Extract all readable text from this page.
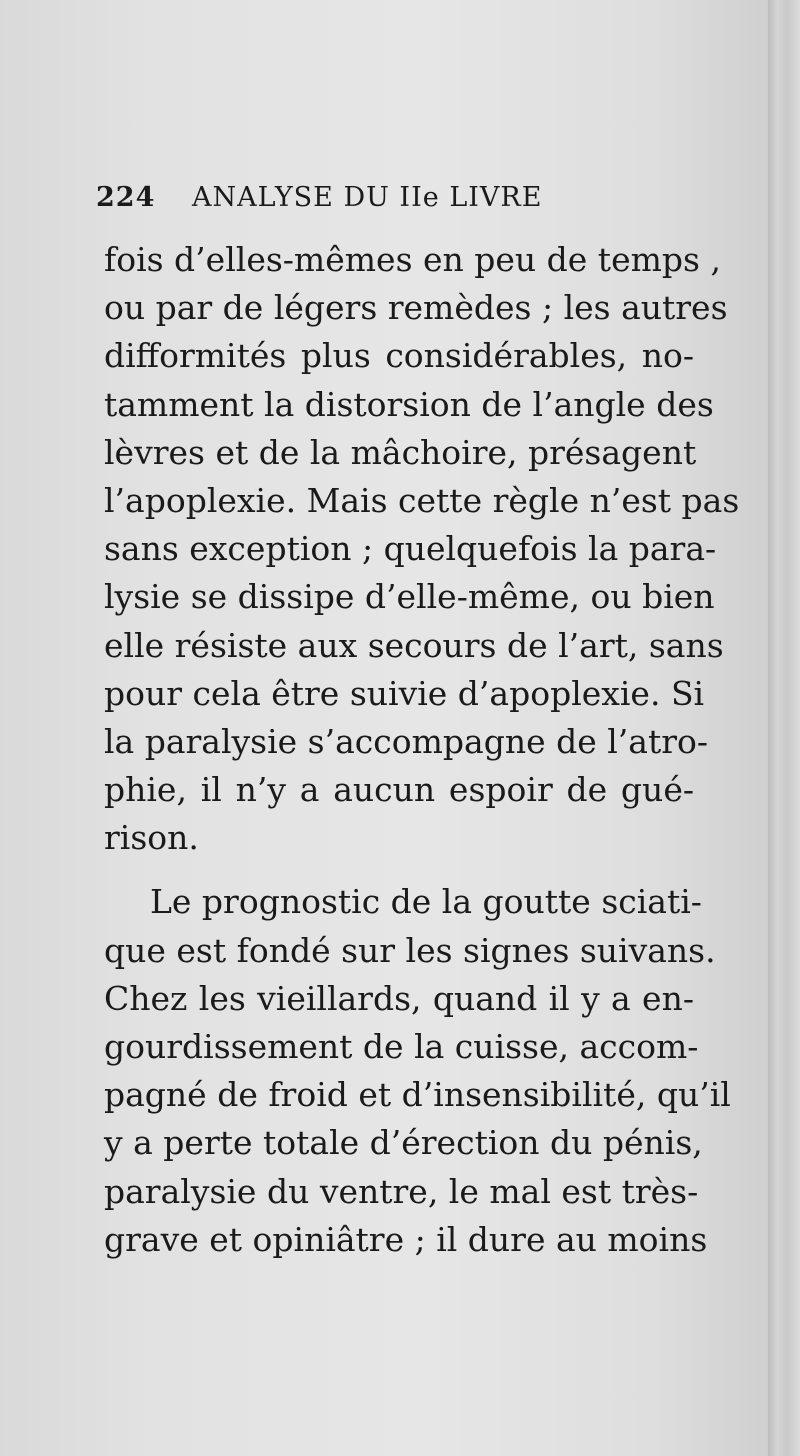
224 ANALYSE DU IIe LIVRE
fois d’elles-mêmes en peu de temps ,
ou par de légers remèdes ; les autres
difformités plus considérables, no-
tamment la distorsion de l’angle des
lèvres et de la mâchoire, présagent
l’apoplexie. Mais cette règle n’est pas
sans exception ; quelquefois la para-
lysie se dissipe d’elle-même, ou bien
elle résiste aux secours de l’art, sans
pour cela être suivie d’apoplexie. Si
la paralysie s’accompagne de l’atro-
phie, il n’y a aucun espoir de gué-
rison.
Le prognostic de la goutte sciati-
que est fondé sur les signes suivans.
Chez les vieillards, quand il y a en-
gourdissement de la cuisse, accom-
pagné de froid et d’insensibilité, qu’il
y a perte totale d’érection du pénis,
paralysie du ventre, le mal est très-
grave et opiniâtre ; il dure au moins
